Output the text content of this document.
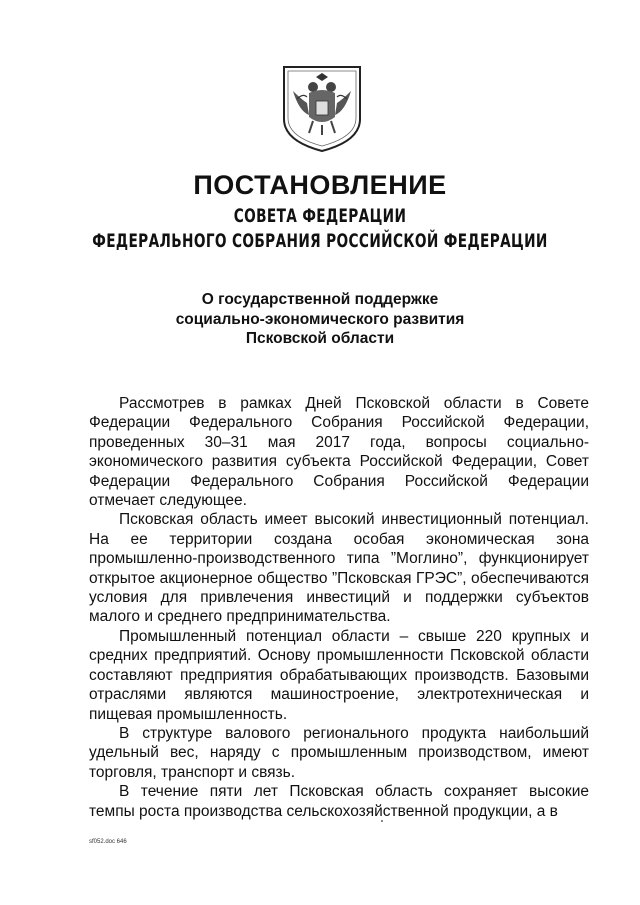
ПОСТАНОВЛЕНИЕ
СОВЕТА ФЕДЕРАЦИИ
ФЕДЕРАЛЬНОГО СОБРАНИЯ РОССИЙСКОЙ ФЕДЕРАЦИИ
О государственной поддержке
социально-экономического развития
Псковской области

Рассмотрев в рамках Дней Псковской области в Совете Федерации Федерального Собрания Российской Федерации, проведенных 30–31 мая 2017 года, вопросы социально-экономического развития субъекта Российской Федерации, Совет Федерации Федерального Собрания Российской Федерации отмечает следующее.

Псковская область имеет высокий инвестиционный потенциал. На ее территории создана особая экономическая зона промышленно-производственного типа ”Моглино”, функционирует открытое акционерное общество ”Псковская ГРЭС”, обеспечиваются условия для привлечения инвестиций и поддержки субъектов малого и среднего предпринимательства.

Промышленный потенциал области – свыше 220 крупных и средних предприятий. Основу промышленности Псковской области составляют предприятия обрабатывающих производств. Базовыми отраслями являются машиностроение, электротехническая и пищевая промышленность.

В структуре валового регионального продукта наибольший удельный вес, наряду с промышленным производством, имеют торговля, транспорт и связь.

В течение пяти лет Псковская область сохраняет высокие темпы роста производства сельскохозяйственной продукции, а в

sf052.doc 646
